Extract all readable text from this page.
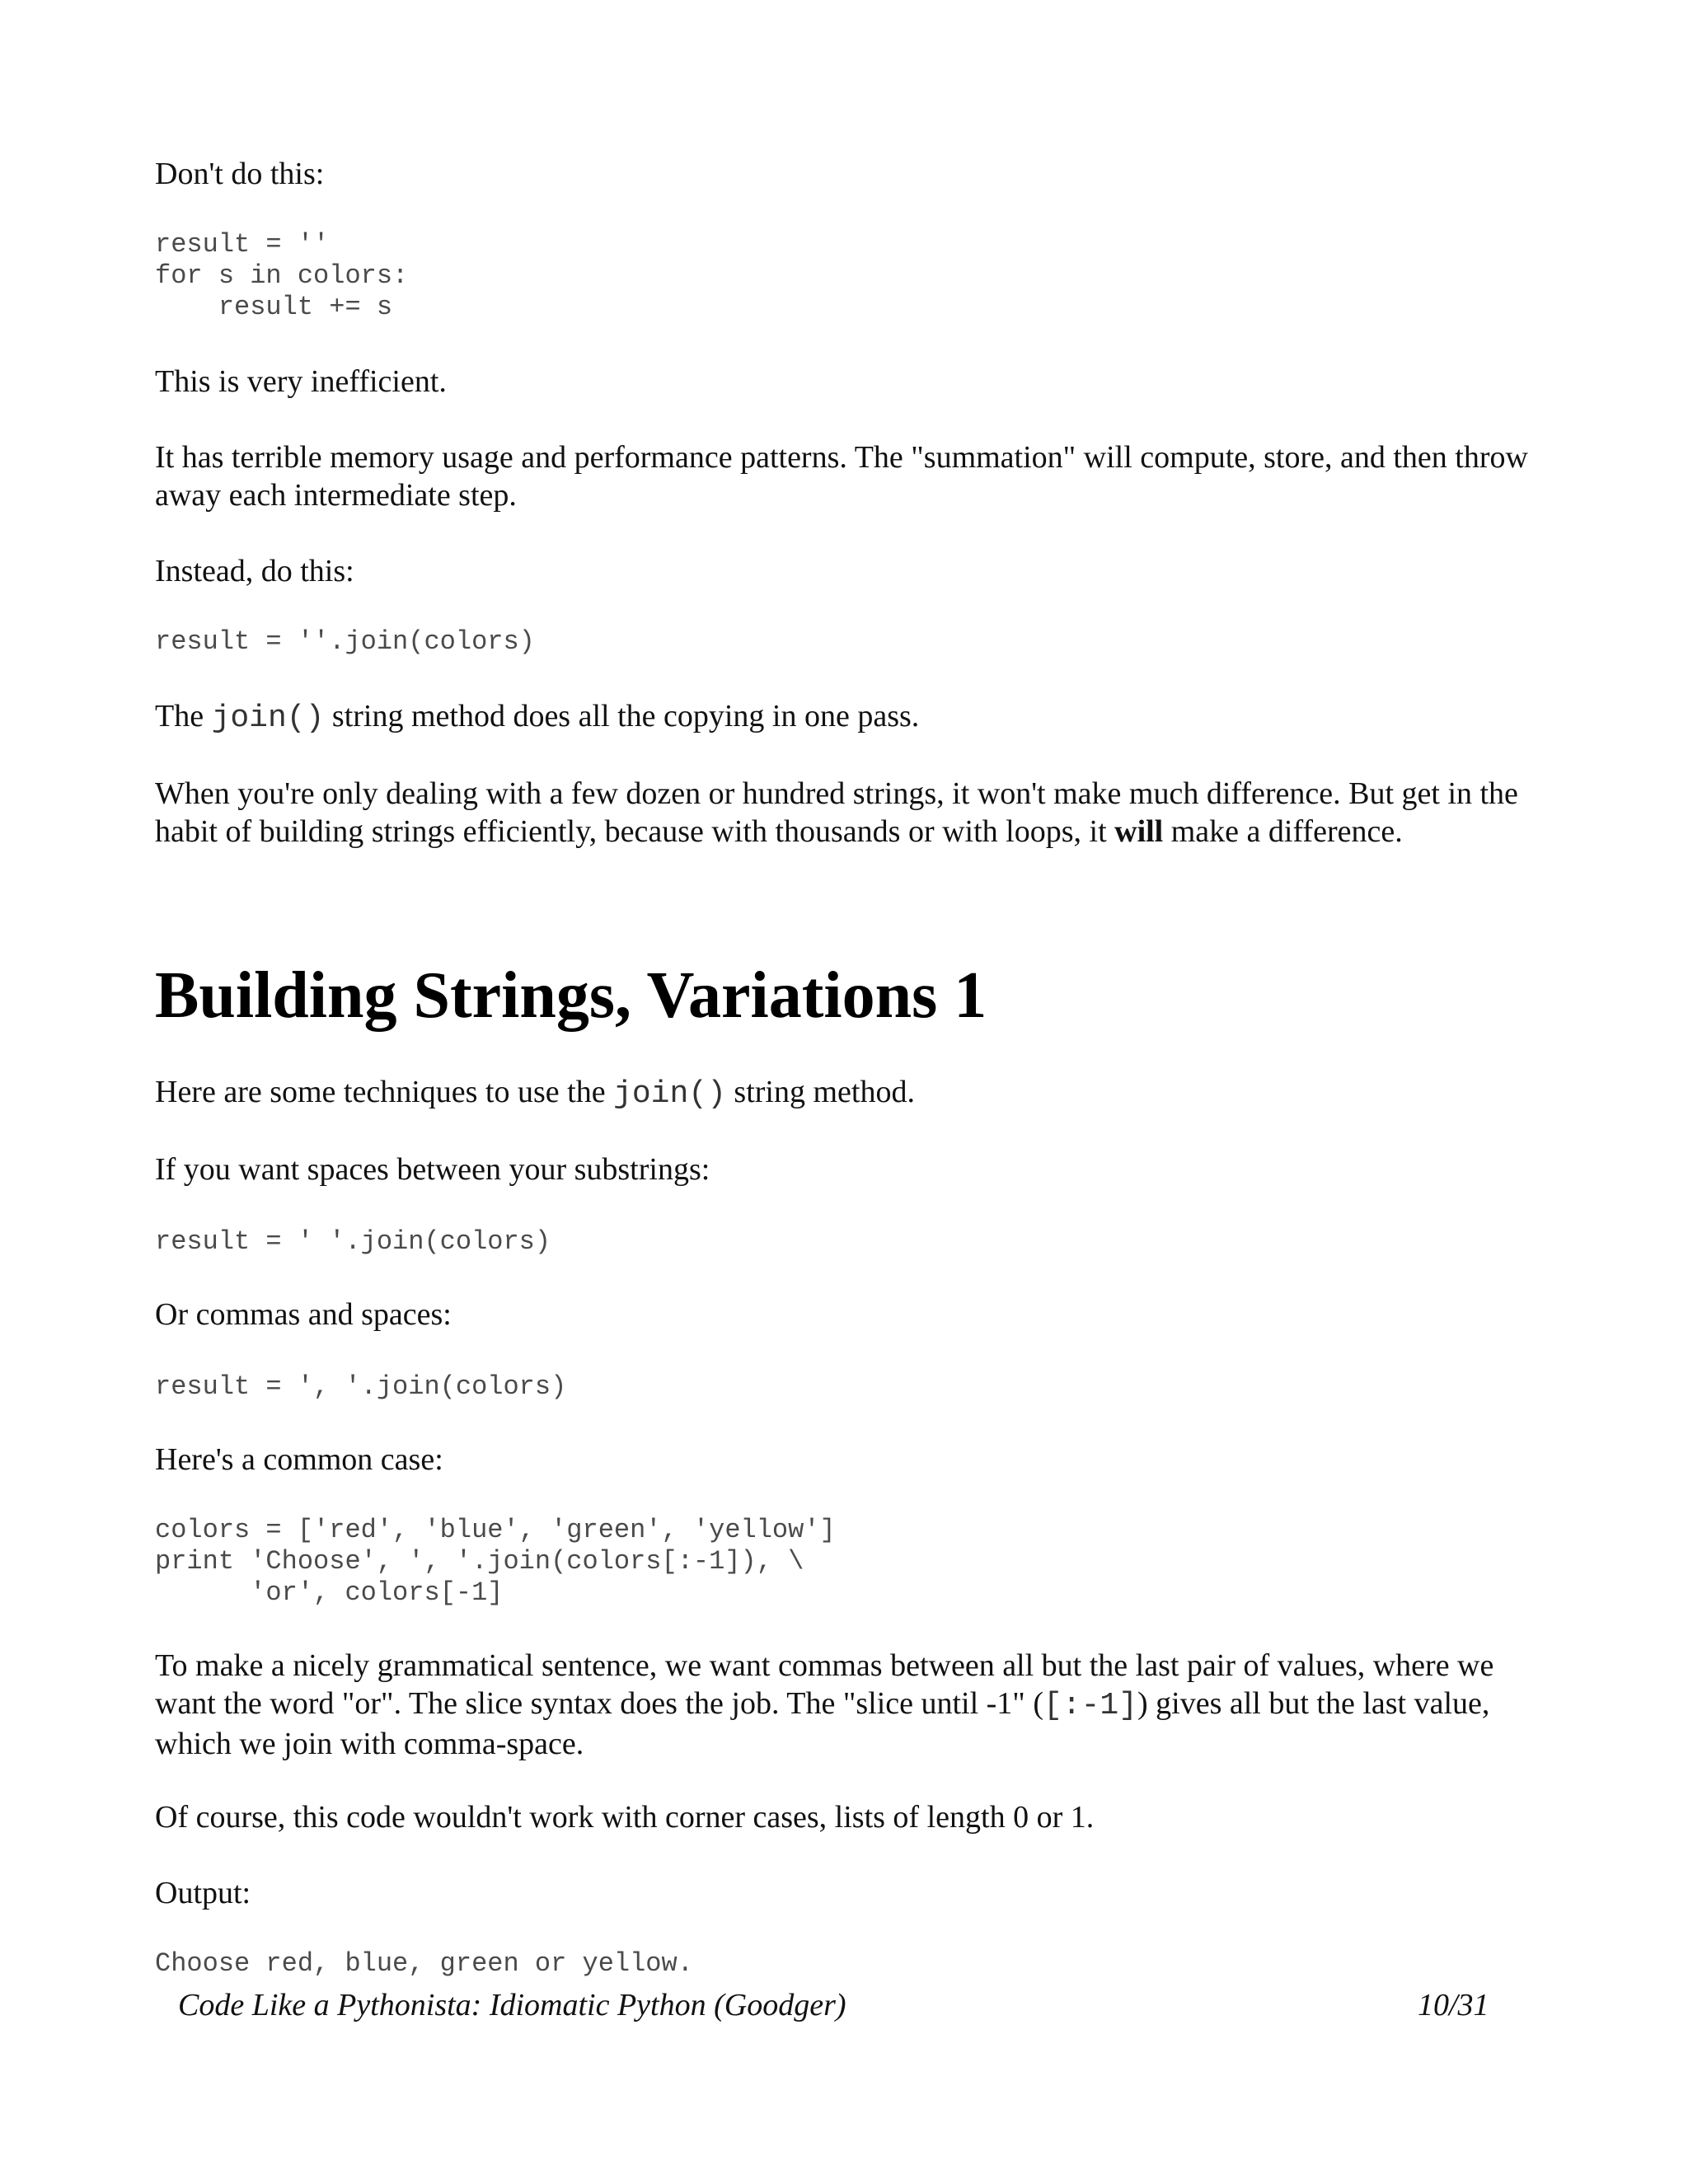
Don't do this:

result = ''
for s in colors:
result += s

This is very inefficient.

It has terrible memory usage and performance patterns. The "summation" will compute, store, and then throw away each intermediate step.

Instead, do this:

result = ''.join(colors)

The join() string method does all the copying in one pass.

When you're only dealing with a few dozen or hundred strings, it won't make much difference. But get in the habit of building strings efficiently, because with thousands or with loops, it will make a difference.

Building Strings, Variations 1

Here are some techniques to use the join() string method.

If you want spaces between your substrings:

result = ' '.join(colors)

Or commas and spaces:

result = ', '.join(colors)

Here's a common case:

colors = ['red', 'blue', 'green', 'yellow']
print 'Choose', ', '.join(colors[:-1]), \
'or', colors[-1]

To make a nicely grammatical sentence, we want commas between all but the last pair of values, where we want the word "or". The slice syntax does the job. The "slice until -1" ([:-1]) gives all but the last value, which we join with comma-space.

Of course, this code wouldn't work with corner cases, lists of length 0 or 1.

Output:

Choose red, blue, green or yellow.
Code Like a Pythonista: Idiomatic Python (Goodger)	10/31
